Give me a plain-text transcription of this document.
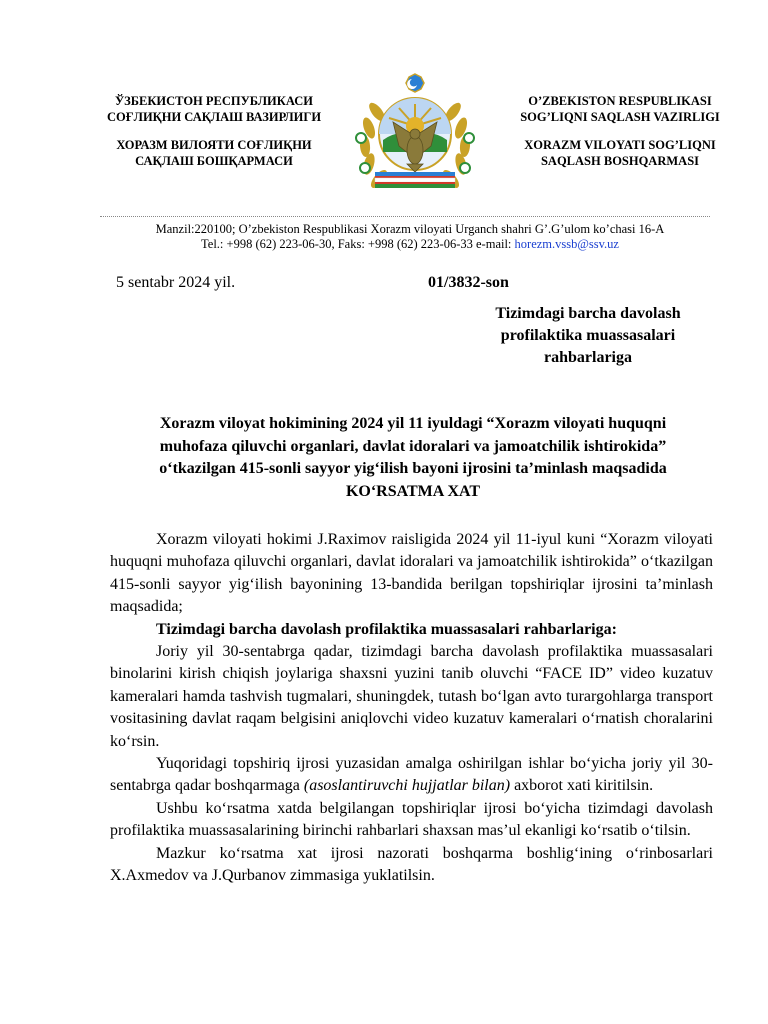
ЎЗБЕКИСТОН РЕСПУБЛИКАСИ
СОҒЛИҚНИ САҚЛАШ ВАЗИРЛИГИ
ХОРАЗМ ВИЛОЯТИ СОҒЛИҚНИ
САҚЛАШ БОШҚАРМАСИ
O’ZBEKISTON RESPUBLIKASI
SOG’LIQNI SAQLASH VAZIRLIGI
XORAZM VILOYATI SOG’LIQNI
SAQLASH BOSHQARMASI
Manzil:220100; O’zbekiston Respublikasi Xorazm viloyati Urganch shahri G’.G’ulom ko’chasi 16-A
Tel.: +998 (62) 223-06-30, Faks: +998 (62) 223-06-33 e-mail: horezm.vssb@ssv.uz
5 sentabr 2024 yil.	01/3832-son
Tizimdagi barcha davolash
profilaktika muassasalari
rahbarlariga
Xorazm viloyat hokimining 2024 yil 11 iyuldagi “Xorazm viloyati huquqni
muhofaza qiluvchi organlari, davlat idoralari va jamoatchilik ishtirokida”
o‘tkazilgan 415-sonli sayyor yig‘ilish bayoni ijrosini ta’minlash maqsadida
KO‘RSATMA XAT

Xorazm viloyati hokimi J.Raximov raisligida 2024 yil 11-iyul kuni “Xorazm viloyati huquqni muhofaza qiluvchi organlari, davlat idoralari va jamoatchilik ishtirokida” o‘tkazilgan 415-sonli sayyor yig‘ilish bayonining 13-bandida berilgan topshiriqlar ijrosini ta’minlash maqsadida;

Tizimdagi barcha davolash profilaktika muassasalari rahbarlariga:

Joriy yil 30-sentabrga qadar, tizimdagi barcha davolash profilaktika muassasalari binolarini kirish chiqish joylariga shaxsni yuzini tanib oluvchi “FACE ID” video kuzatuv kameralari hamda tashvish tugmalari, shuningdek, tutash bo‘lgan avto turargohlarga transport vositasining davlat raqam belgisini aniqlovchi video kuzatuv kameralari o‘rnatish choralarini ko‘rsin.

Yuqoridagi topshiriq ijrosi yuzasidan amalga oshirilgan ishlar bo‘yicha joriy yil 30-sentabrga qadar boshqarmaga (asoslantiruvchi hujjatlar bilan) axborot xati kiritilsin.

Ushbu ko‘rsatma xatda belgilangan topshiriqlar ijrosi bo‘yicha tizimdagi davolash profilaktika muassasalarining birinchi rahbarlari shaxsan mas’ul ekanligi ko‘rsatib o‘tilsin.

Mazkur ko‘rsatma xat ijrosi nazorati boshqarma boshlig‘ining o‘rinbosarlari X.Axmedov va J.Qurbanov zimmasiga yuklatilsin.
